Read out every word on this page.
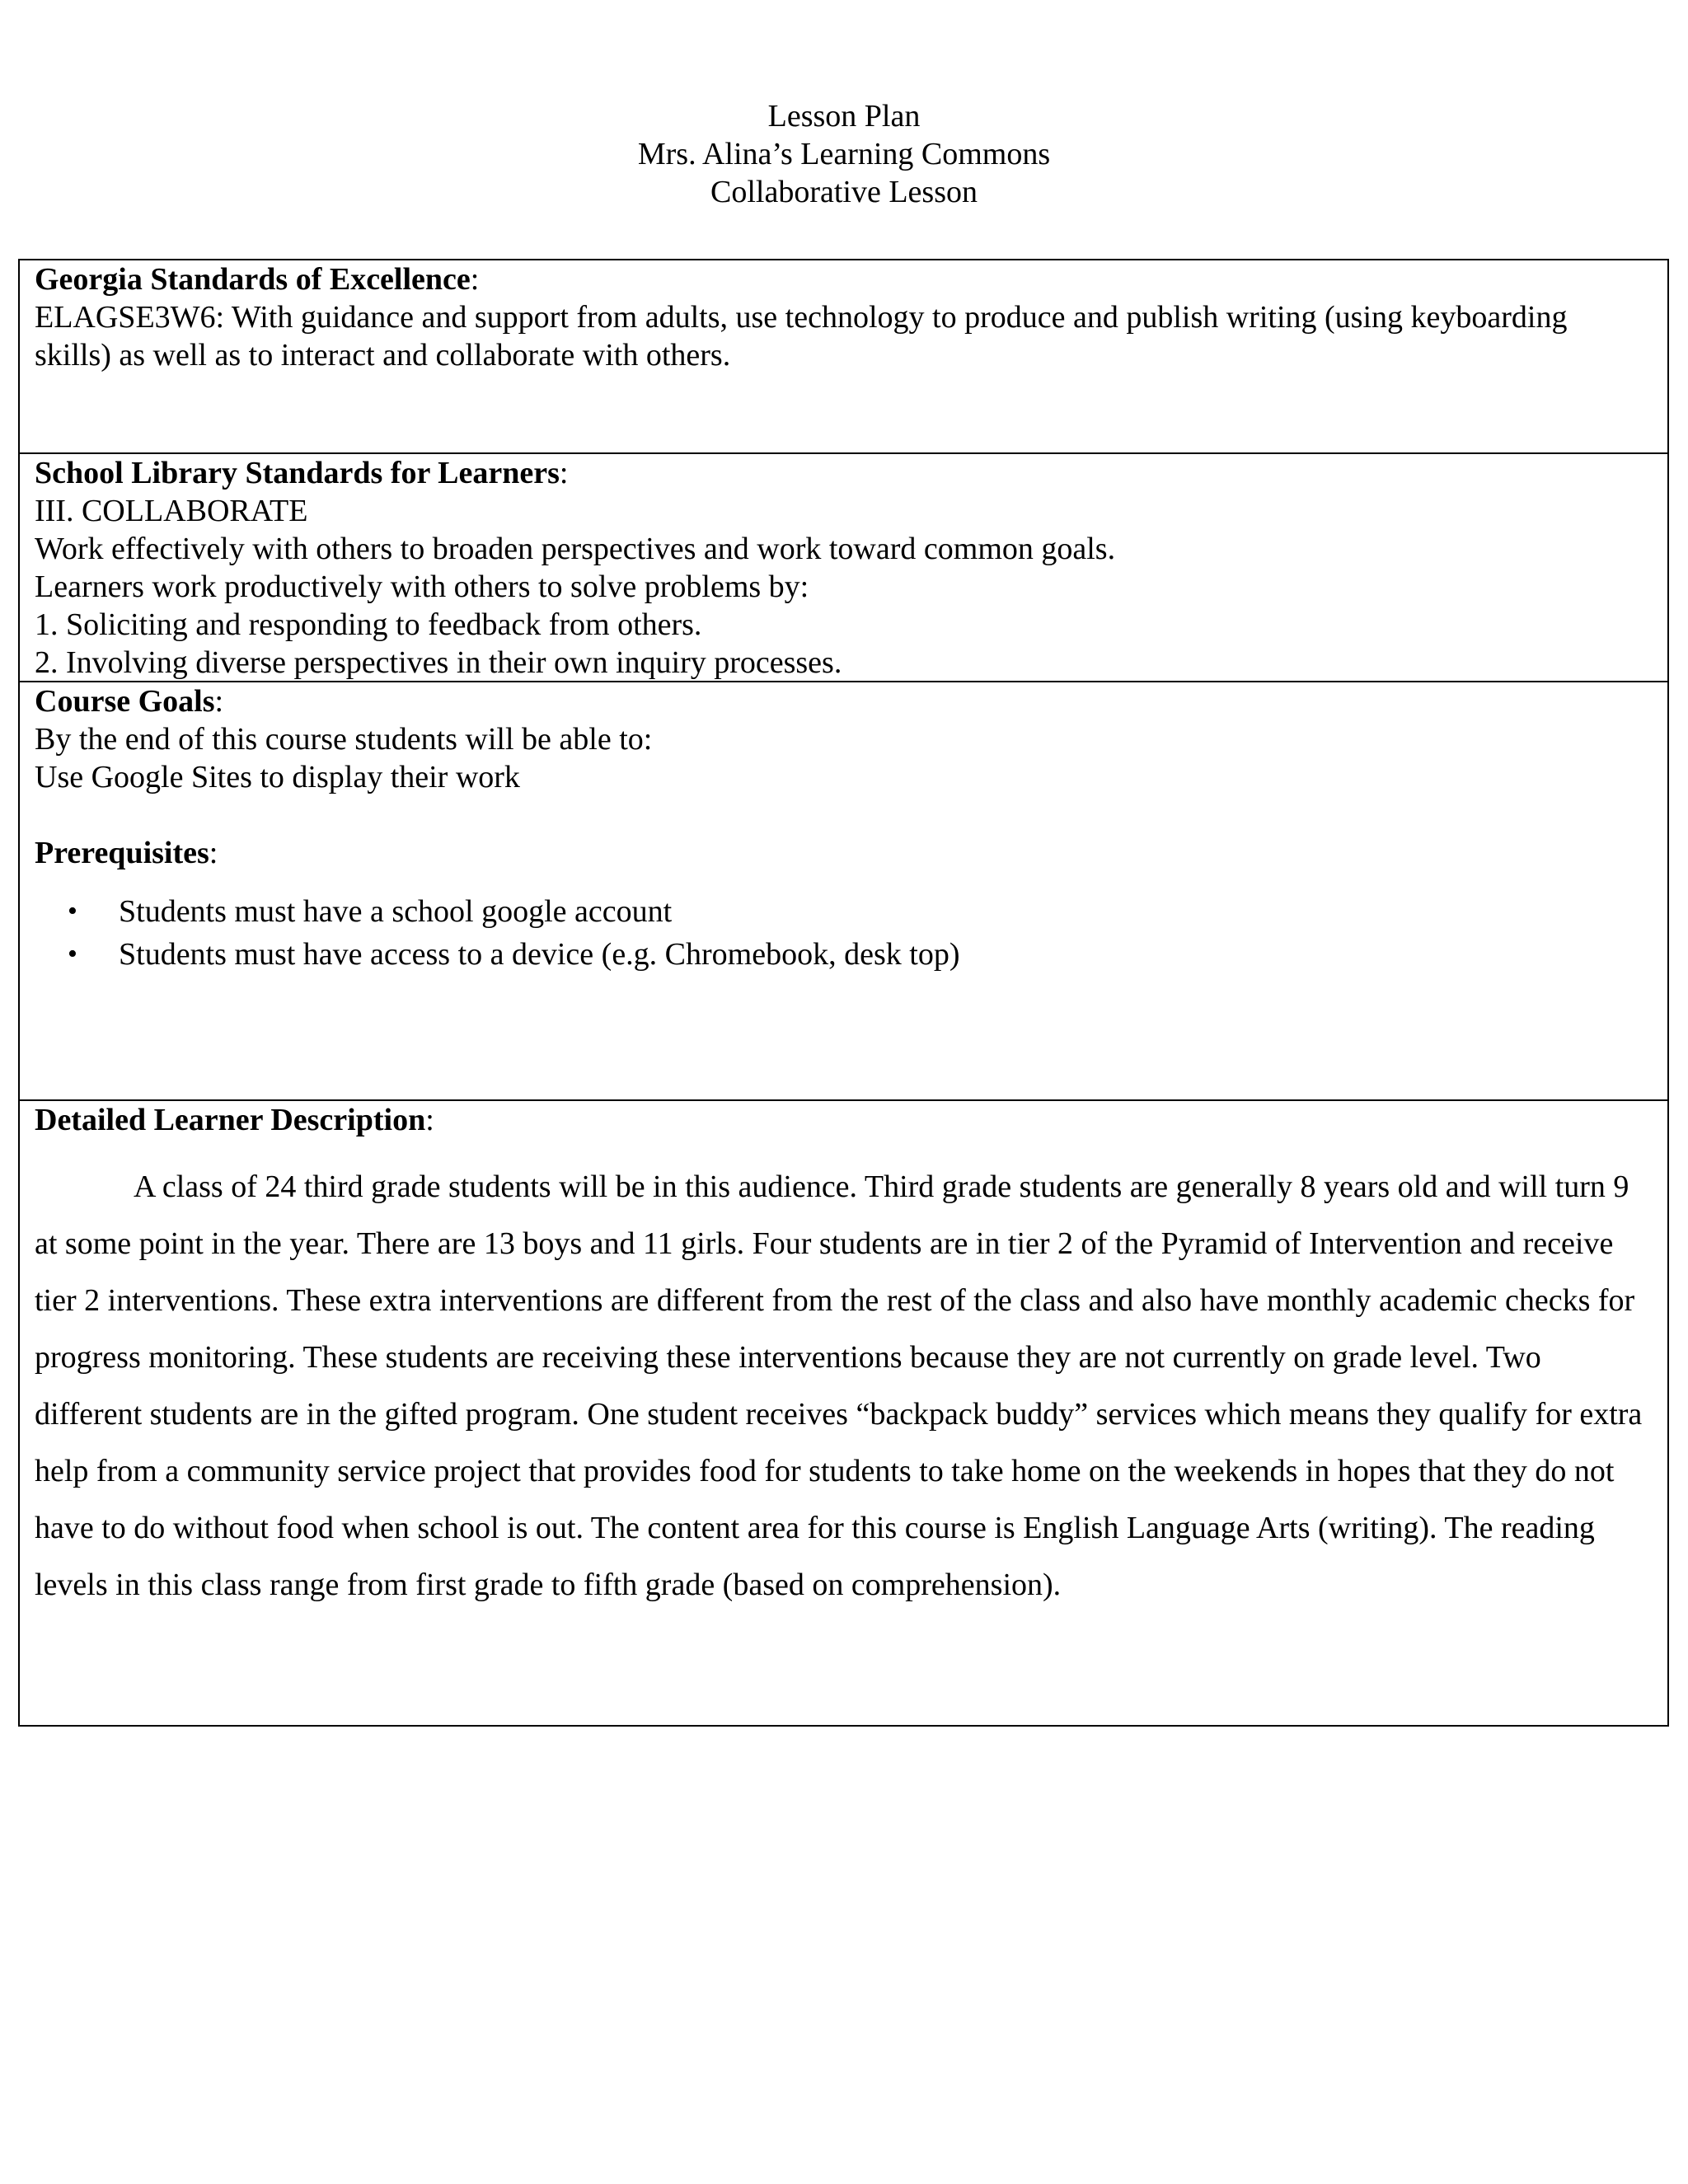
Lesson Plan
Mrs. Alina’s Learning Commons
Collaborative Lesson
Georgia Standards of Excellence:
ELAGSE3W6: With guidance and support from adults, use technology to produce and publish writing (using keyboarding
skills) as well as to interact and collaborate with others.
School Library Standards for Learners:
III. COLLABORATE
Work effectively with others to broaden perspectives and work toward common goals.
Learners work productively with others to solve problems by:
1. Soliciting and responding to feedback from others.
2. Involving diverse perspectives in their own inquiry processes.
Course Goals:
By the end of this course students will be able to:
Use Google Sites to display their work
Prerequisites:
• Students must have a school google account
• Students must have access to a device (e.g. Chromebook, desk top)
Detailed Learner Description:
A class of 24 third grade students will be in this audience. Third grade students are generally 8 years old and will turn 9 at some point in the year. There are 13 boys and 11 girls. Four students are in tier 2 of the Pyramid of Intervention and receive tier 2 interventions. These extra interventions are different from the rest of the class and also have monthly academic checks for progress monitoring. These students are receiving these interventions because they are not currently on grade level. Two different students are in the gifted program. One student receives “backpack buddy” services which means they qualify for extra help from a community service project that provides food for students to take home on the weekends in hopes that they do not have to do without food when school is out. The content area for this course is English Language Arts (writing). The reading levels in this class range from first grade to fifth grade (based on comprehension).
